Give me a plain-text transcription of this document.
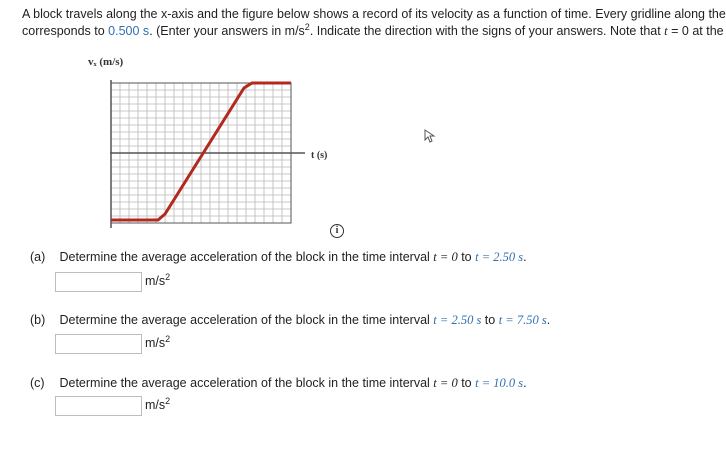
A block travels along the x-axis and the figure below shows a record of its velocity as a function of time. Every gridline along the
corresponds to 0.500 s. (Enter your answers in $m/s^2$. Indicate the direction with the signs of your answers. Note that t = 0 at the
vₓ (m/s)
t (s)
i
(a) Determine the average acceleration of the block in the time interval t = 0 to t = 2.50 s.
$m/s^2$
(b) Determine the average acceleration of the block in the time interval t = 2.50 s to t = 7.50 s.
$m/s^2$
(c) Determine the average acceleration of the block in the time interval t = 0 to t = 10.0 s.
$m/s^2$
